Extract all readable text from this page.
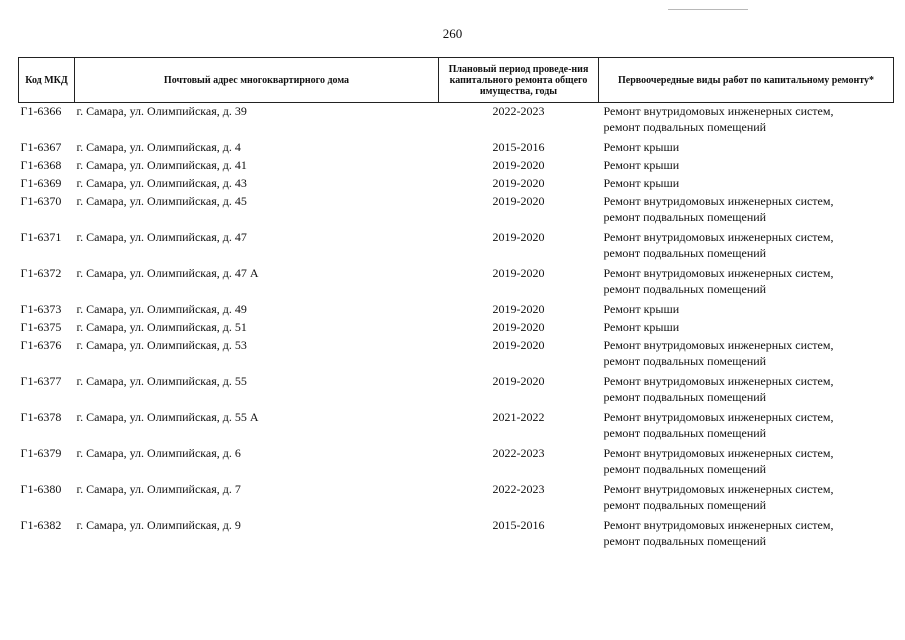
260
Код МКД	Почтовый адрес многоквартирного дома	Плановый период проведе-ния капитального ремонта общего имущества, годы	Первоочередные виды работ по капитальному ремонту*
Г1-6366	г. Самара, ул. Олимпийская, д. 39	2022-2023	Ремонт внутридомовых инженерных систем,
ремонт подвальных помещений

Г1-6367	г. Самара, ул. Олимпийская, д. 4	2015-2016	Ремонт крыши

Г1-6368	г. Самара, ул. Олимпийская, д. 41	2019-2020	Ремонт крыши

Г1-6369	г. Самара, ул. Олимпийская, д. 43	2019-2020	Ремонт крыши

Г1-6370	г. Самара, ул. Олимпийская, д. 45	2019-2020	Ремонт внутридомовых инженерных систем,
ремонт подвальных помещений

Г1-6371	г. Самара, ул. Олимпийская, д. 47	2019-2020	Ремонт внутридомовых инженерных систем,
ремонт подвальных помещений

Г1-6372	г. Самара, ул. Олимпийская, д. 47 А	2019-2020	Ремонт внутридомовых инженерных систем,
ремонт подвальных помещений

Г1-6373	г. Самара, ул. Олимпийская, д. 49	2019-2020	Ремонт крыши

Г1-6375	г. Самара, ул. Олимпийская, д. 51	2019-2020	Ремонт крыши

Г1-6376	г. Самара, ул. Олимпийская, д. 53	2019-2020	Ремонт внутридомовых инженерных систем,
ремонт подвальных помещений

Г1-6377	г. Самара, ул. Олимпийская, д. 55	2019-2020	Ремонт внутридомовых инженерных систем,
ремонт подвальных помещений

Г1-6378	г. Самара, ул. Олимпийская, д. 55 А	2021-2022	Ремонт внутридомовых инженерных систем,
ремонт подвальных помещений

Г1-6379	г. Самара, ул. Олимпийская, д. 6	2022-2023	Ремонт внутридомовых инженерных систем,
ремонт подвальных помещений

Г1-6380	г. Самара, ул. Олимпийская, д. 7	2022-2023	Ремонт внутридомовых инженерных систем,
ремонт подвальных помещений

Г1-6382	г. Самара, ул. Олимпийская, д. 9	2015-2016	Ремонт внутридомовых инженерных систем,
ремонт подвальных помещений
